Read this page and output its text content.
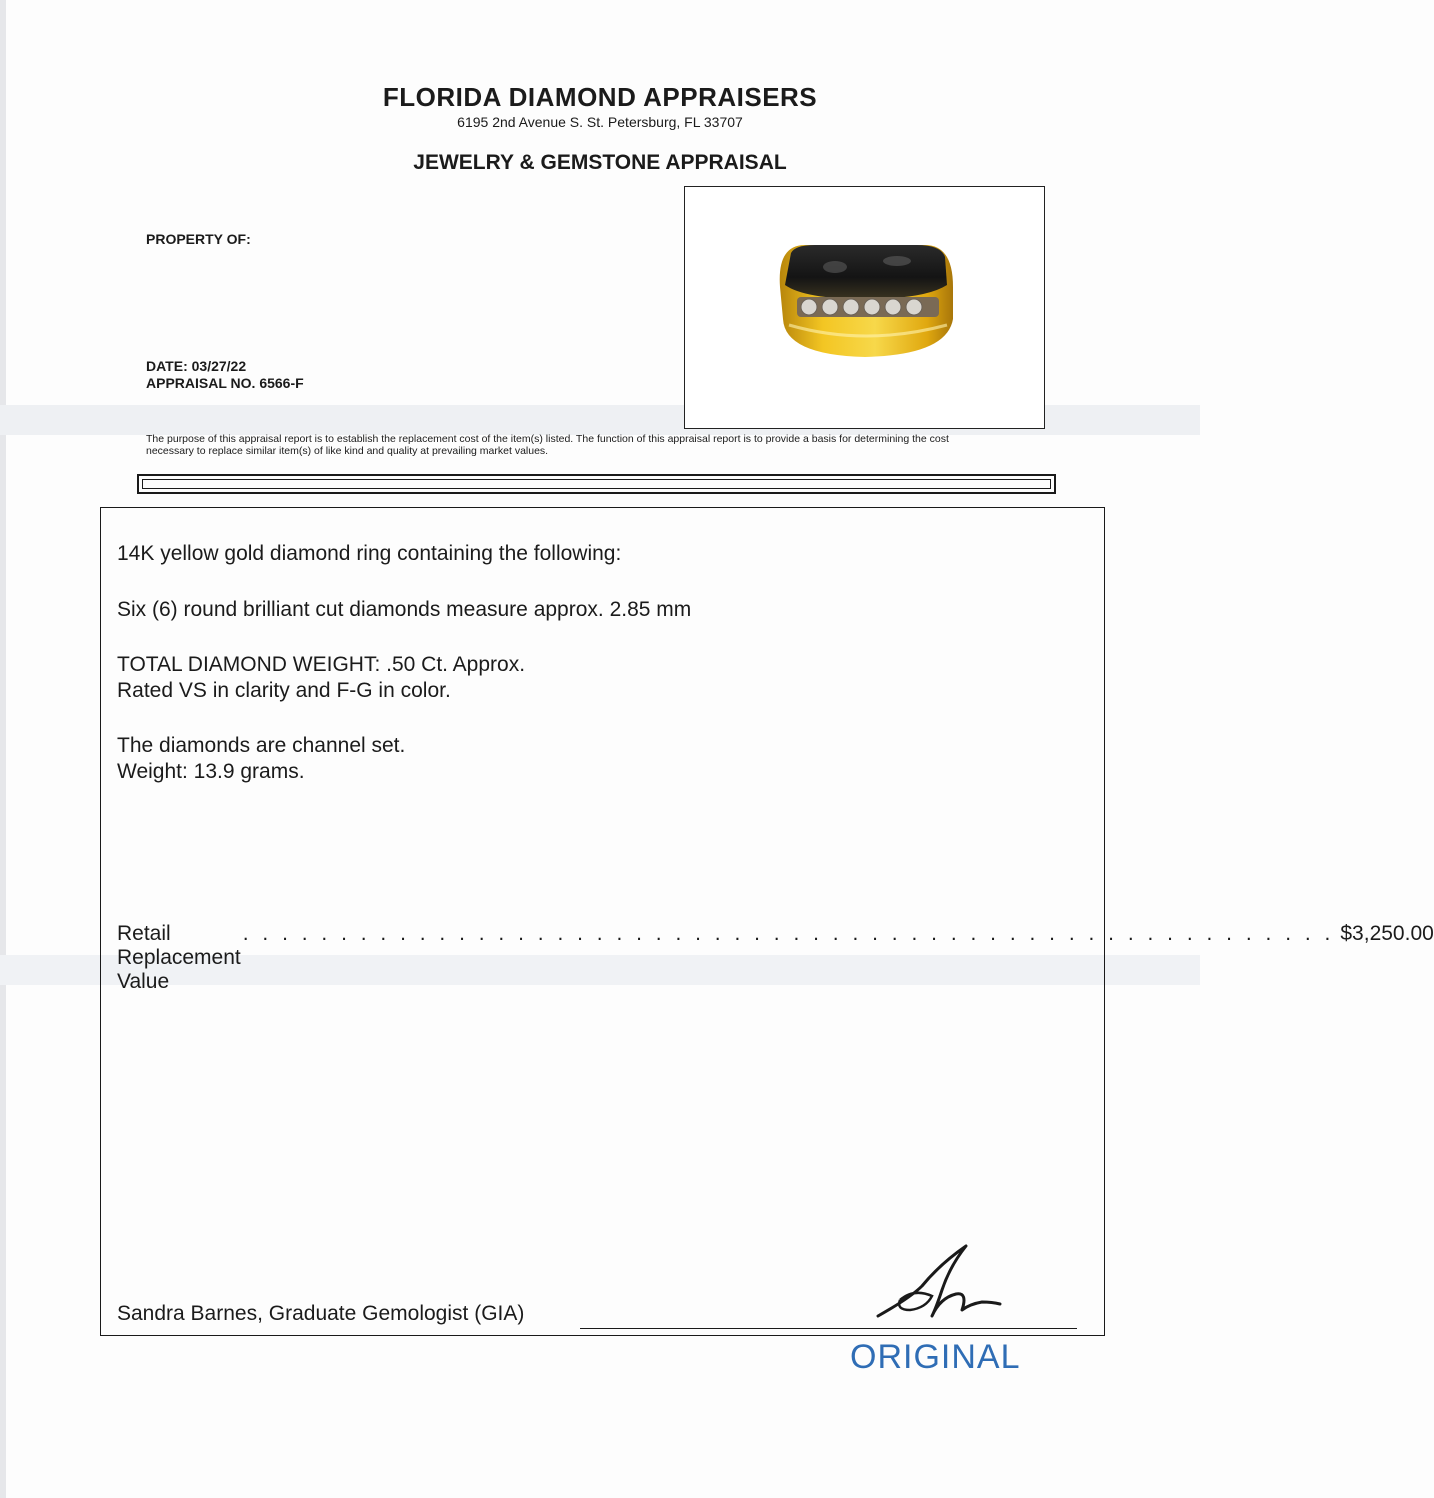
FLORIDA DIAMOND APPRAISERS
6195 2nd Avenue S. St. Petersburg, FL 33707
JEWELRY & GEMSTONE APPRAISAL
PROPERTY OF:
DATE: 03/27/22
APPRAISAL NO. 6566-F
The purpose of this appraisal report is to establish the replacement cost of the item(s) listed. The function of this appraisal report is to provide a basis for determining the cost
necessary to replace similar item(s) of like kind and quality at prevailing market values.
14K yellow gold diamond ring containing the following:
Six (6) round brilliant cut diamonds measure approx. 2.85 mm
TOTAL DIAMOND WEIGHT: .50 Ct. Approx.
Rated VS in clarity and F-G in color.
The diamonds are channel set.
Weight: 13.9 grams.
Retail Replacement Value
. . . . . . . . . . . . . . . . . . . . . . . . . . . . . . . . . . . . . . . . . . . . . . . . . . . . . . . . $3,250.00
Sandra Barnes, Graduate Gemologist (GIA)
ORIGINAL
